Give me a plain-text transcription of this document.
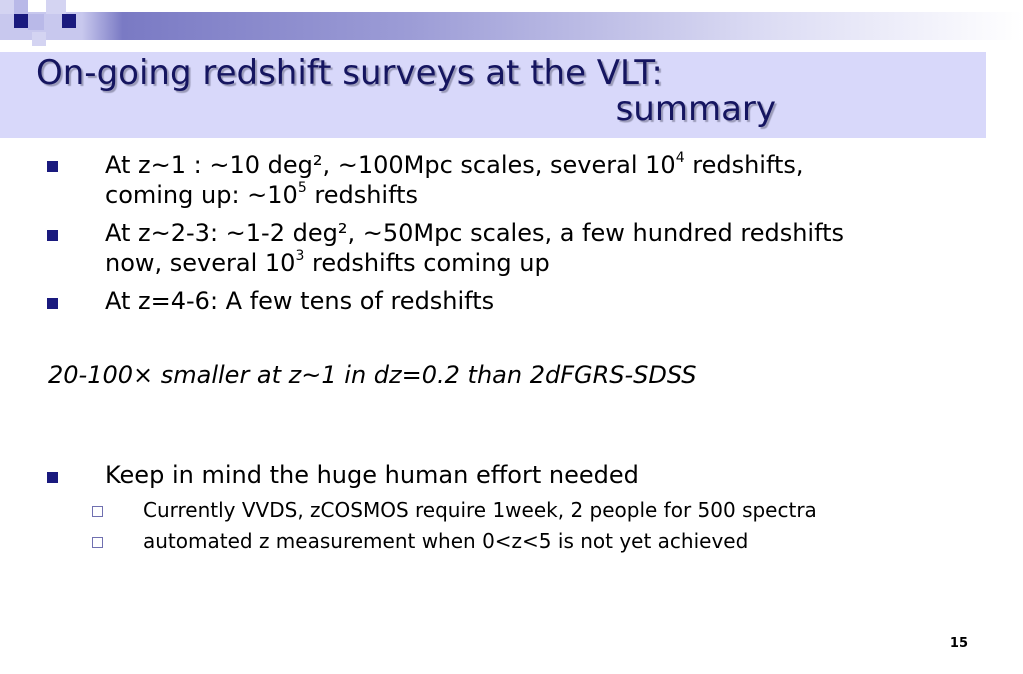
On-going redshift surveys at the VLT:
summary
At z~1 : ~10 deg², ~100Mpc scales, several $10^4$ redshifts,
coming up: $\sim 10^5$ redshifts
At z~2-3: ~1-2 deg², ~50Mpc scales, a few hundred redshifts
now, several $10^3$ redshifts coming up
At z=4-6: A few tens of redshifts
20-100× smaller at z~1 in dz=0.2 than 2dFGRS-SDSS
Keep in mind the huge human effort needed
Currently VVDS, zCOSMOS require 1week, 2 people for 500 spectra
automated z measurement when 0<z<5 is not yet achieved
15
